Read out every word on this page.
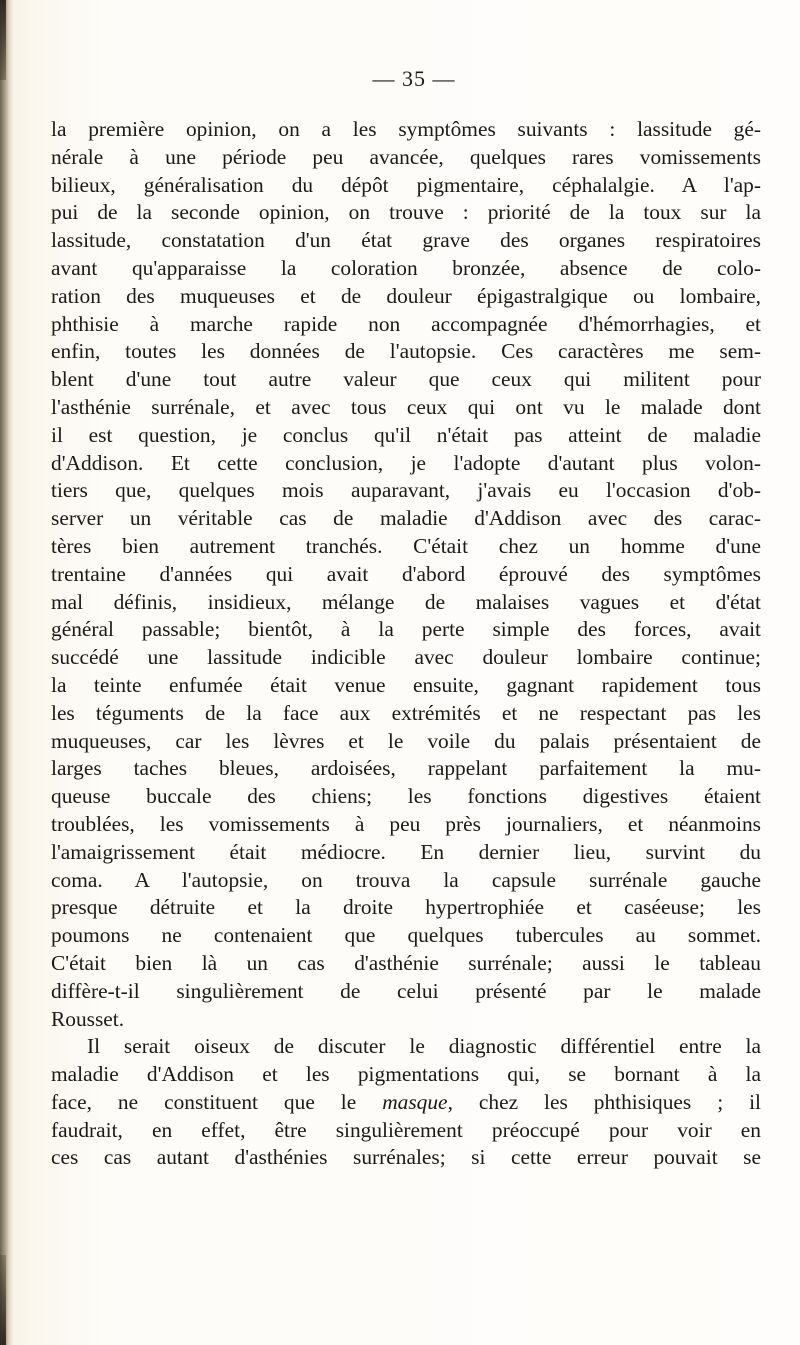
— 35 —
la première opinion, on a les symptômes suivants : lassitude gé-
nérale à une période peu avancée, quelques rares vomissements
bilieux, généralisation du dépôt pigmentaire, céphalalgie. A l'ap-
pui de la seconde opinion, on trouve : priorité de la toux sur la
lassitude, constatation d'un état grave des organes respiratoires
avant qu'apparaisse la coloration bronzée, absence de colo-
ration des muqueuses et de douleur épigastralgique ou lombaire,
phthisie à marche rapide non accompagnée d'hémorrhagies, et
enfin, toutes les données de l'autopsie. Ces caractères me sem-
blent d'une tout autre valeur que ceux qui militent pour
l'asthénie surrénale, et avec tous ceux qui ont vu le malade dont
il est question, je conclus qu'il n'était pas atteint de maladie
d'Addison. Et cette conclusion, je l'adopte d'autant plus volon-
tiers que, quelques mois auparavant, j'avais eu l'occasion d'ob-
server un véritable cas de maladie d'Addison avec des carac-
tères bien autrement tranchés. C'était chez un homme d'une
trentaine d'années qui avait d'abord éprouvé des symptômes
mal définis, insidieux, mélange de malaises vagues et d'état
général passable; bientôt, à la perte simple des forces, avait
succédé une lassitude indicible avec douleur lombaire continue;
la teinte enfumée était venue ensuite, gagnant rapidement tous
les téguments de la face aux extrémités et ne respectant pas les
muqueuses, car les lèvres et le voile du palais présentaient de
larges taches bleues, ardoisées, rappelant parfaitement la mu-
queuse buccale des chiens; les fonctions digestives étaient
troublées, les vomissements à peu près journaliers, et néanmoins
l'amaigrissement était médiocre. En dernier lieu, survint du
coma. A l'autopsie, on trouva la capsule surrénale gauche
presque détruite et la droite hypertrophiée et caséeuse; les
poumons ne contenaient que quelques tubercules au sommet.
C'était bien là un cas d'asthénie surrénale; aussi le tableau
diffère-t-il singulièrement de celui présenté par le malade
Rousset.
Il serait oiseux de discuter le diagnostic différentiel entre la
maladie d'Addison et les pigmentations qui, se bornant à la
face, ne constituent que le masque, chez les phthisiques ; il
faudrait, en effet, être singulièrement préoccupé pour voir en
ces cas autant d'asthénies surrénales; si cette erreur pouvait se
